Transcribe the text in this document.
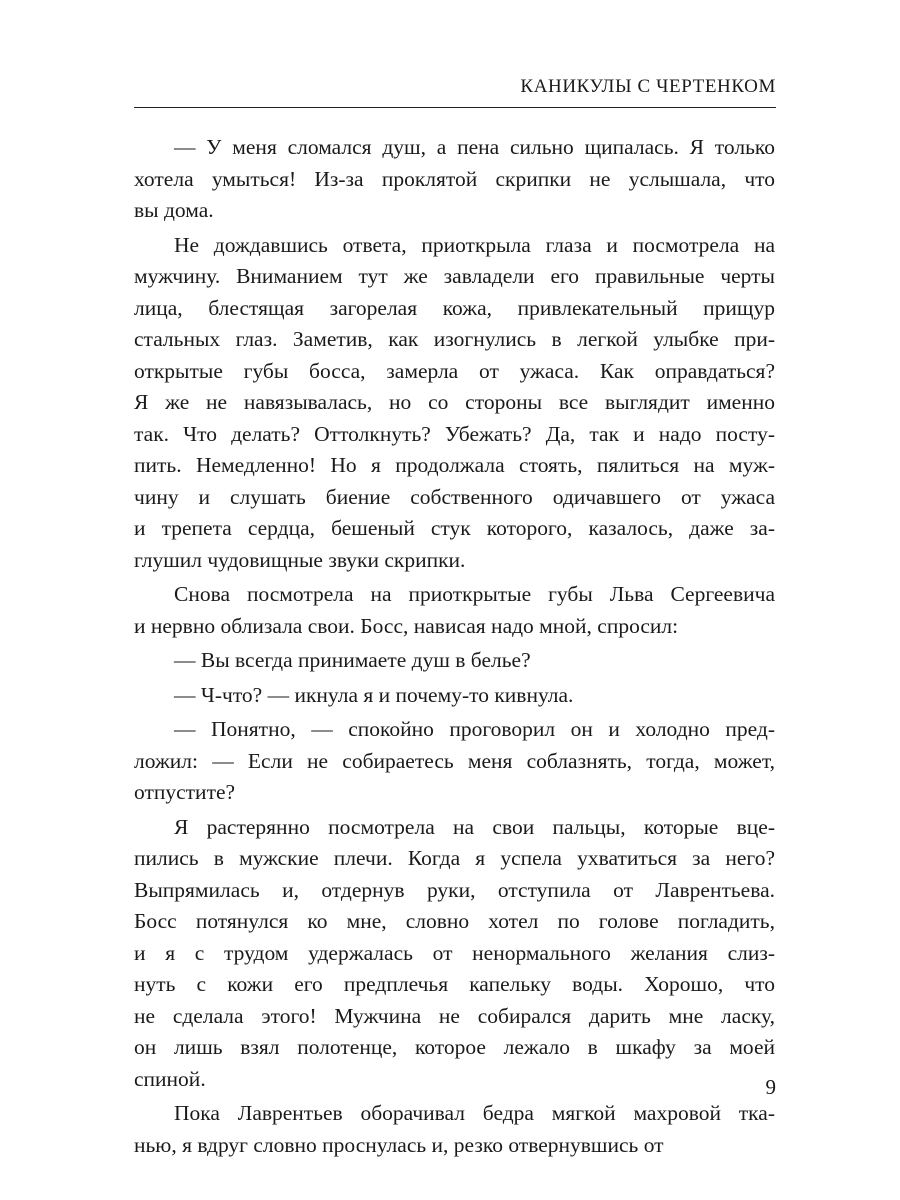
КАНИКУЛЫ С ЧЕРТЕНКОМ
— У меня сломался душ, а пена сильно щипалась. Я только
хотела умыться! Из-за проклятой скрипки не услышала, что
вы дома.
Не дождавшись ответа, приоткрыла глаза и посмотрела на
мужчину. Вниманием тут же завладели его правильные черты
лица, блестящая загорелая кожа, привлекательный прищур
стальных глаз. Заметив, как изогнулись в легкой улыбке при-
открытые губы босса, замерла от ужаса. Как оправдаться?
Я же не навязывалась, но со стороны все выглядит именно
так. Что делать? Оттолкнуть? Убежать? Да, так и надо посту-
пить. Немедленно! Но я продолжала стоять, пялиться на муж-
чину и слушать биение собственного одичавшего от ужаса
и трепета сердца, бешеный стук которого, казалось, даже за-
глушил чудовищные звуки скрипки.
Снова посмотрела на приоткрытые губы Льва Сергеевича
и нервно облизала свои. Босс, нависая надо мной, спросил:
— Вы всегда принимаете душ в белье?
— Ч-что? — икнула я и почему-то кивнула.
— Понятно, — спокойно проговорил он и холодно пред-
ложил: — Если не собираетесь меня соблазнять, тогда, может,
отпустите?
Я растерянно посмотрела на свои пальцы, которые вце-
пились в мужские плечи. Когда я успела ухватиться за него?
Выпрямилась и, отдернув руки, отступила от Лаврентьева.
Босс потянулся ко мне, словно хотел по голове погладить,
и я с трудом удержалась от ненормального желания слиз-
нуть с кожи его предплечья капельку воды. Хорошо, что
не сделала этого! Мужчина не собирался дарить мне ласку,
он лишь взял полотенце, которое лежало в шкафу за моей
спиной.
Пока Лаврентьев оборачивал бедра мягкой махровой тка-
нью, я вдруг словно проснулась и, резко отвернувшись от
9
